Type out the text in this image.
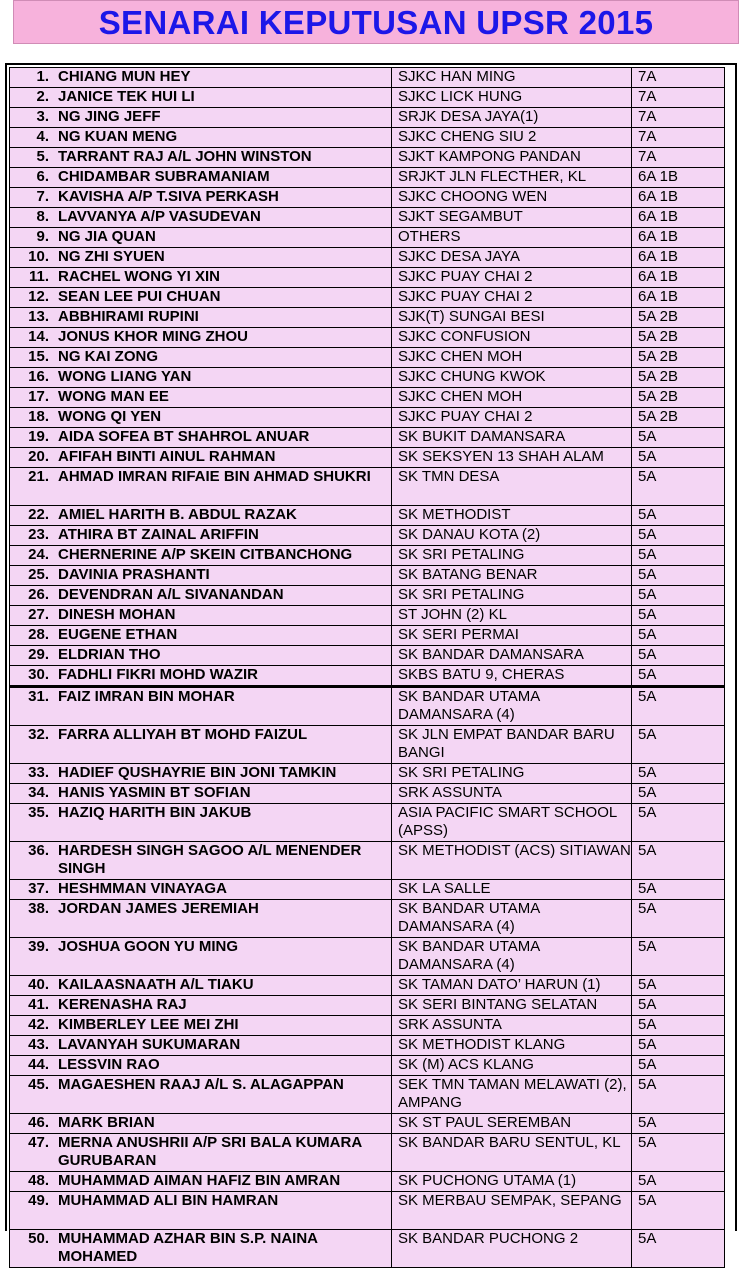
SENARAI KEPUTUSAN UPSR 2015
1. CHIANG MUN HEY	SJKC HAN MING	7A
2. JANICE TEK HUI LI	SJKC LICK HUNG	7A
3. NG JING JEFF	SRJK DESA JAYA(1)	7A
4. NG KUAN MENG	SJKC CHENG SIU 2	7A
5. TARRANT RAJ A/L JOHN WINSTON	SJKT KAMPONG PANDAN	7A
6. CHIDAMBAR SUBRAMANIAM	SRJKT JLN FLECTHER, KL	6A 1B
7. KAVISHA A/P T.SIVA PERKASH	SJKC CHOONG WEN	6A 1B
8. LAVVANYA A/P VASUDEVAN	SJKT SEGAMBUT	6A 1B
9. NG JIA QUAN	OTHERS	6A 1B
10. NG ZHI SYUEN	SJKC DESA JAYA	6A 1B
11. RACHEL WONG YI XIN	SJKC PUAY CHAI 2	6A 1B
12. SEAN LEE PUI CHUAN	SJKC PUAY CHAI 2	6A 1B
13. ABBHIRAMI RUPINI	SJK(T) SUNGAI BESI	5A 2B
14. JONUS KHOR MING ZHOU	SJKC CONFUSION	5A 2B
15. NG KAI ZONG	SJKC CHEN MOH	5A 2B
16. WONG LIANG YAN	SJKC CHUNG KWOK	5A 2B
17. WONG MAN EE	SJKC CHEN MOH	5A 2B
18. WONG QI YEN	SJKC PUAY CHAI 2	5A 2B
19. AIDA SOFEA BT SHAHROL ANUAR	SK BUKIT DAMANSARA	5A
20. AFIFAH BINTI AINUL RAHMAN	SK SEKSYEN 13 SHAH ALAM	5A
21. AHMAD IMRAN RIFAIE BIN AHMAD SHUKRI	SK TMN DESA	5A
22. AMIEL HARITH B. ABDUL RAZAK	SK METHODIST	5A
23. ATHIRA BT ZAINAL ARIFFIN	SK DANAU KOTA (2)	5A
24. CHERNERINE A/P SKEIN CITBANCHONG	SK SRI PETALING	5A
25. DAVINIA PRASHANTI	SK BATANG BENAR	5A
26. DEVENDRAN A/L SIVANANDAN	SK SRI PETALING	5A
27. DINESH MOHAN	ST JOHN (2) KL	5A
28. EUGENE ETHAN	SK SERI PERMAI	5A
29. ELDRIAN THO	SK BANDAR DAMANSARA	5A
30. FADHLI FIKRI MOHD WAZIR	SKBS BATU 9, CHERAS	5A
31. FAIZ IMRAN BIN MOHAR	SK BANDAR UTAMA DAMANSARA (4)	5A
32. FARRA ALLIYAH BT MOHD FAIZUL	SK JLN EMPAT BANDAR BARU BANGI	5A
33. HADIEF QUSHAYRIE BIN JONI TAMKIN	SK SRI PETALING	5A
34. HANIS YASMIN BT SOFIAN	SRK ASSUNTA	5A
35. HAZIQ HARITH BIN JAKUB	ASIA PACIFIC SMART SCHOOL (APSS)	5A
36. HARDESH SINGH SAGOO A/L MENENDER SINGH	SK METHODIST (ACS) SITIAWAN	5A
37. HESHMMAN VINAYAGA	SK LA SALLE	5A
38. JORDAN JAMES JEREMIAH	SK BANDAR UTAMA DAMANSARA (4)	5A
39. JOSHUA GOON YU MING	SK BANDAR UTAMA DAMANSARA (4)	5A
40. KAILAASNAATH A/L TIAKU	SK TAMAN DATO’ HARUN (1)	5A
41. KERENASHA RAJ	SK SERI BINTANG SELATAN	5A
42. KIMBERLEY LEE MEI ZHI	SRK ASSUNTA	5A
43. LAVANYAH SUKUMARAN	SK METHODIST KLANG	5A
44. LESSVIN RAO	SK (M) ACS KLANG	5A
45. MAGAESHEN RAAJ A/L S. ALAGAPPAN	SEK TMN TAMAN MELAWATI (2), AMPANG	5A
46. MARK BRIAN	SK ST PAUL SEREMBAN	5A
47. MERNA ANUSHRII A/P SRI BALA KUMARA GURUBARAN	SK BANDAR BARU SENTUL, KL	5A
48. MUHAMMAD AIMAN HAFIZ BIN AMRAN	SK PUCHONG UTAMA (1)	5A
49. MUHAMMAD ALI BIN HAMRAN	SK MERBAU SEMPAK, SEPANG	5A
50. MUHAMMAD AZHAR BIN S.P. NAINA MOHAMED	SK BANDAR PUCHONG 2	5A
